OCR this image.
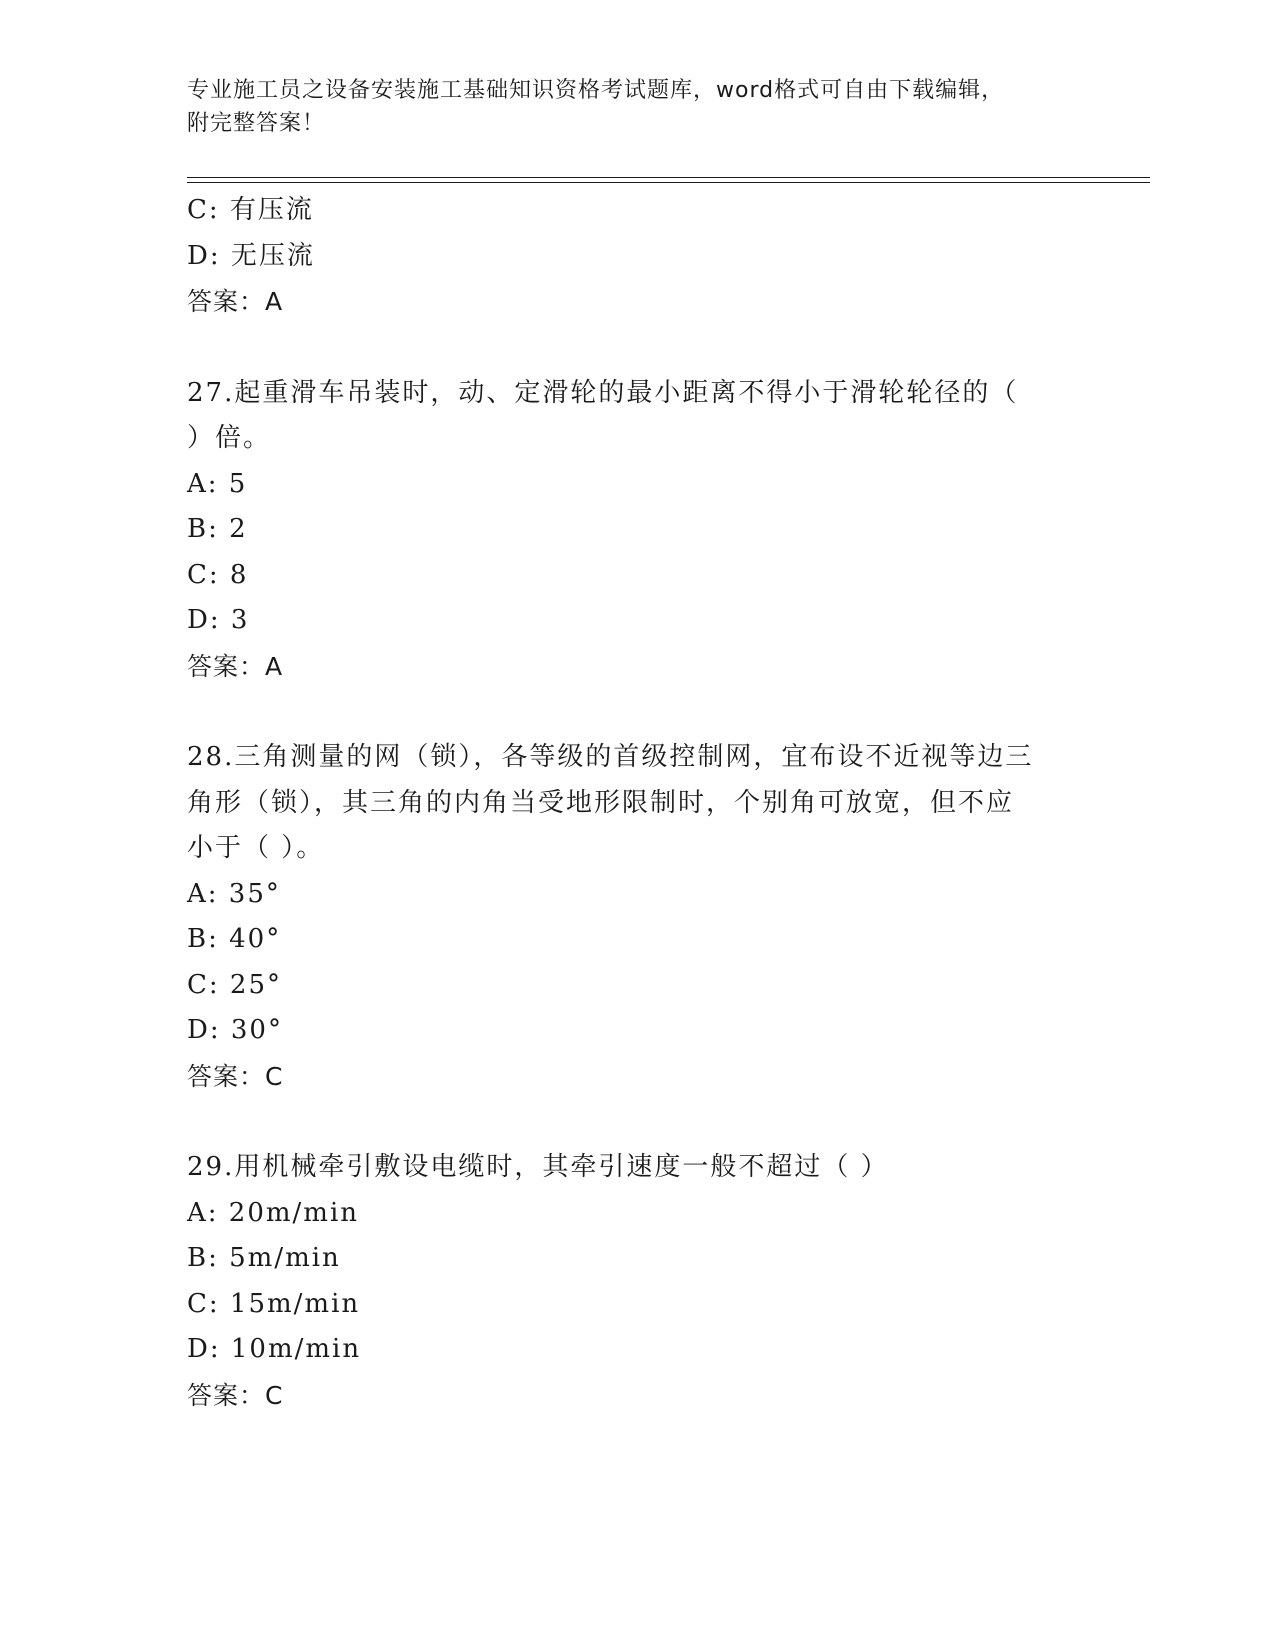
专业施工员之设备安装施工基础知识资格考试题库，word格式可自由下载编辑，
附完整答案！
C: 有压流
D: 无压流
答案：A
27.起重滑车吊装时，动、定滑轮的最小距离不得小于滑轮轮径的（
）倍。
A: 5
B: 2
C: 8
D: 3
答案：A
28.三角测量的网（锁），各等级的首级控制网，宜布设不近视等边三
角形（锁），其三角的内角当受地形限制时，个别角可放宽，但不应
小于（ ）。
A: 35°
B: 40°
C: 25°
D: 30°
答案：C
29.用机械牵引敷设电缆时，其牵引速度一般不超过（ ）
A: 20m/min
B: 5m/min
C: 15m/min
D: 10m/min
答案：C
